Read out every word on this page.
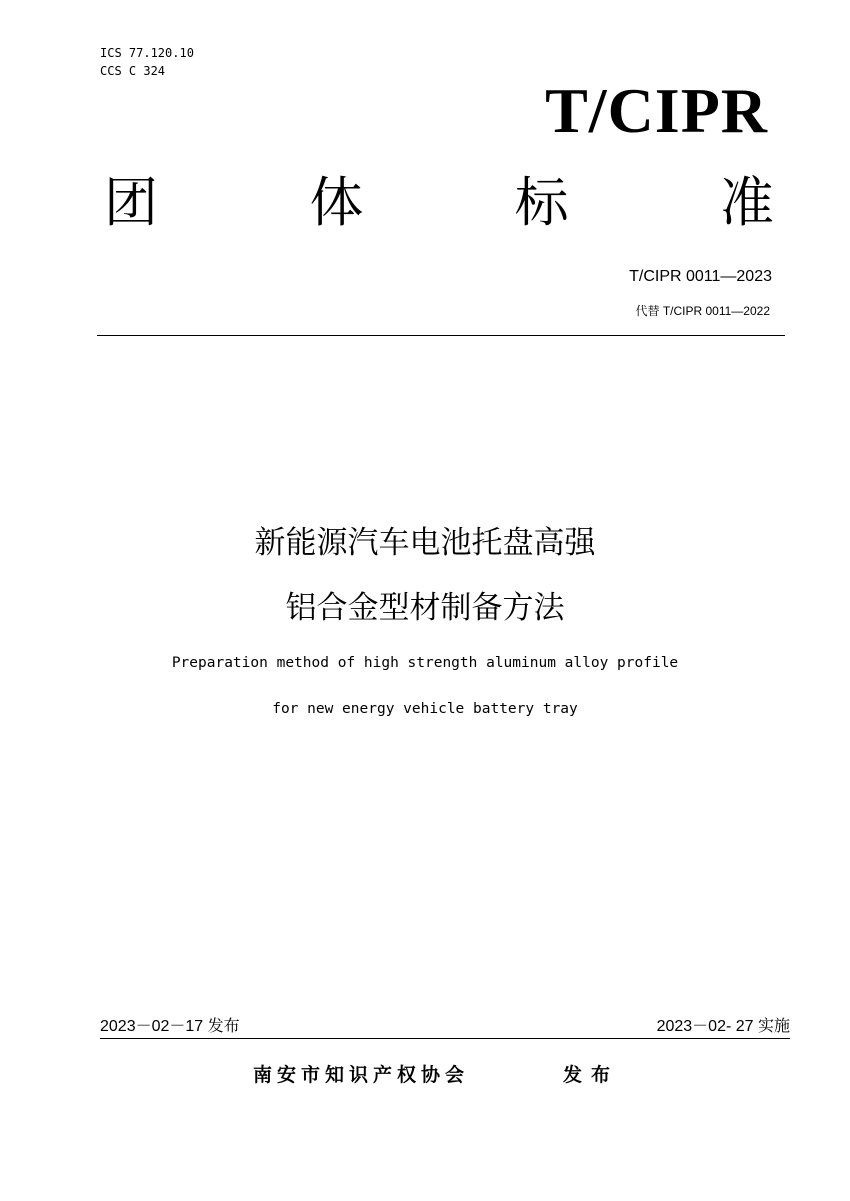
ICS 77.120.10
CCS C 324
T/CIPR
团	体	标	准
T/CIPR 0011—2023
代替 T/CIPR 0011—2022
新能源汽车电池托盘高强
铝合金型材制备方法
Preparation method of high strength aluminum alloy profile
for new energy vehicle battery tray
2023－02－17 发布	2023－02- 27 实施
南安市知识产权协会	发布
